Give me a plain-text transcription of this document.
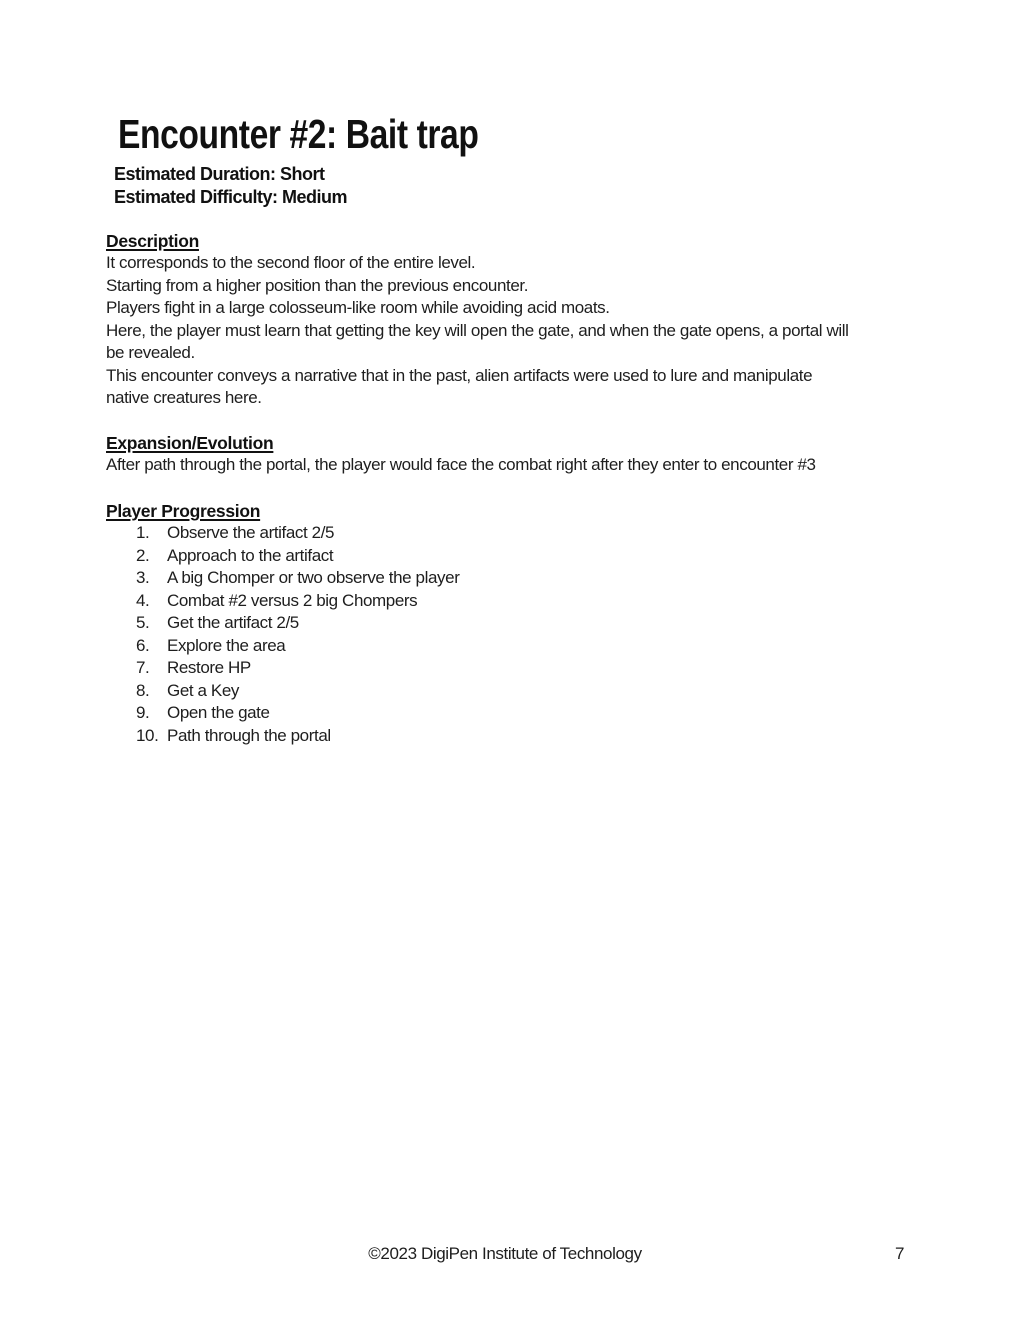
Encounter #2: Bait trap
Estimated Duration: Short
Estimated Difficulty: Medium
Description
It corresponds to the second floor of the entire level.
Starting from a higher position than the previous encounter.
Players fight in a large colosseum-like room while avoiding acid moats.
Here, the player must learn that getting the key will open the gate, and when the gate opens, a portal will
be revealed.
This encounter conveys a narrative that in the past, alien artifacts were used to lure and manipulate
native creatures here.
Expansion/Evolution
After path through the portal, the player would face the combat right after they enter to encounter #3
Player Progression
1.	Observe the artifact 2/5
2.	Approach to the artifact
3.	A big Chomper or two observe the player
4.	Combat #2 versus 2 big Chompers
5.	Get the artifact 2/5
6.	Explore the area
7.	Restore HP
8.	Get a Key
9.	Open the gate
10. Path through the portal
©2023 DigiPen Institute of Technology	7
